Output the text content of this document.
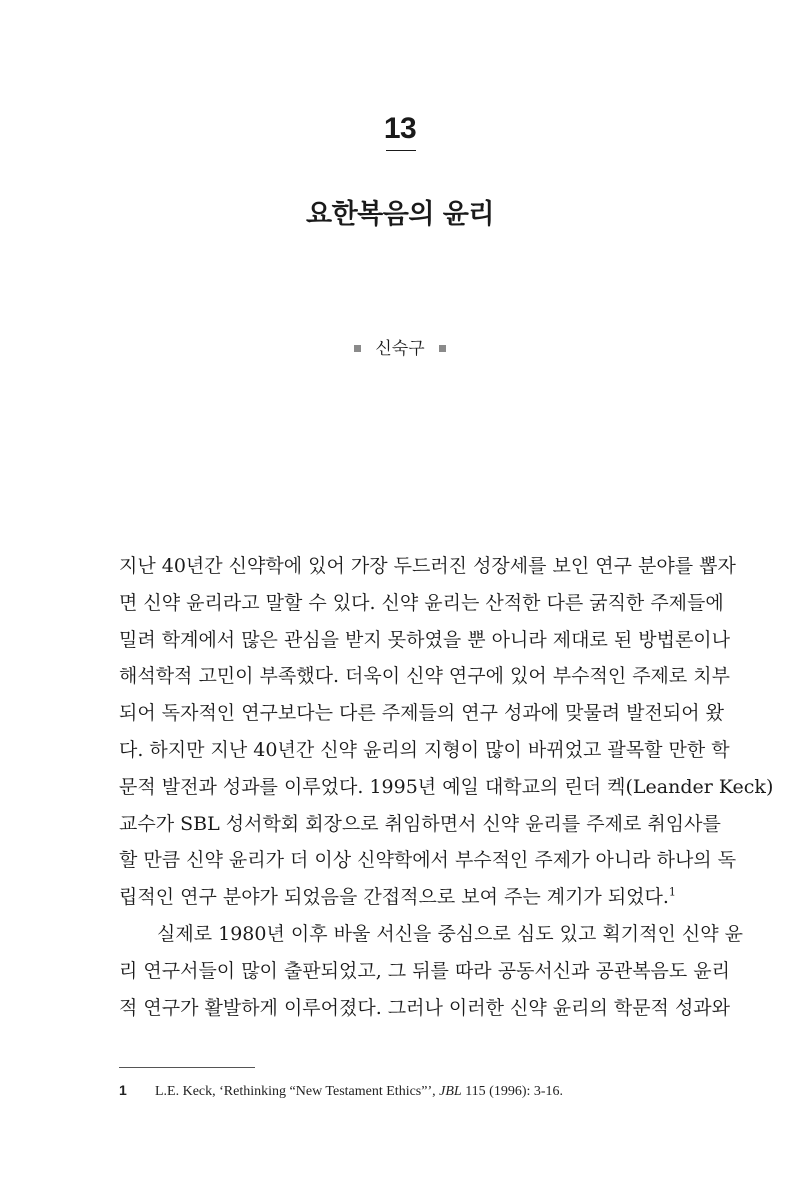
13
요한복음의 윤리
신숙구
지난 40년간 신약학에 있어 가장 두드러진 성장세를 보인 연구 분야를 뽑자
면 신약 윤리라고 말할 수 있다. 신약 윤리는 산적한 다른 굵직한 주제들에
밀려 학계에서 많은 관심을 받지 못하였을 뿐 아니라 제대로 된 방법론이나
해석학적 고민이 부족했다. 더욱이 신약 연구에 있어 부수적인 주제로 치부
되어 독자적인 연구보다는 다른 주제들의 연구 성과에 맞물려 발전되어 왔
다. 하지만 지난 40년간 신약 윤리의 지형이 많이 바뀌었고 괄목할 만한 학
문적 발전과 성과를 이루었다. 1995년 예일 대학교의 린더 켁(Leander Keck)
교수가 SBL 성서학회 회장으로 취임하면서 신약 윤리를 주제로 취임사를
할 만큼 신약 윤리가 더 이상 신약학에서 부수적인 주제가 아니라 하나의 독
립적인 연구 분야가 되었음을 간접적으로 보여 주는 계기가 되었다.$^1$
실제로 1980년 이후 바울 서신을 중심으로 심도 있고 획기적인 신약 윤
리 연구서들이 많이 출판되었고, 그 뒤를 따라 공동서신과 공관복음도 윤리
적 연구가 활발하게 이루어졌다. 그러나 이러한 신약 윤리의 학문적 성과와
1 L.E. Keck, ‘Rethinking “New Testament Ethics”’, JBL 115 (1996): 3-16.
